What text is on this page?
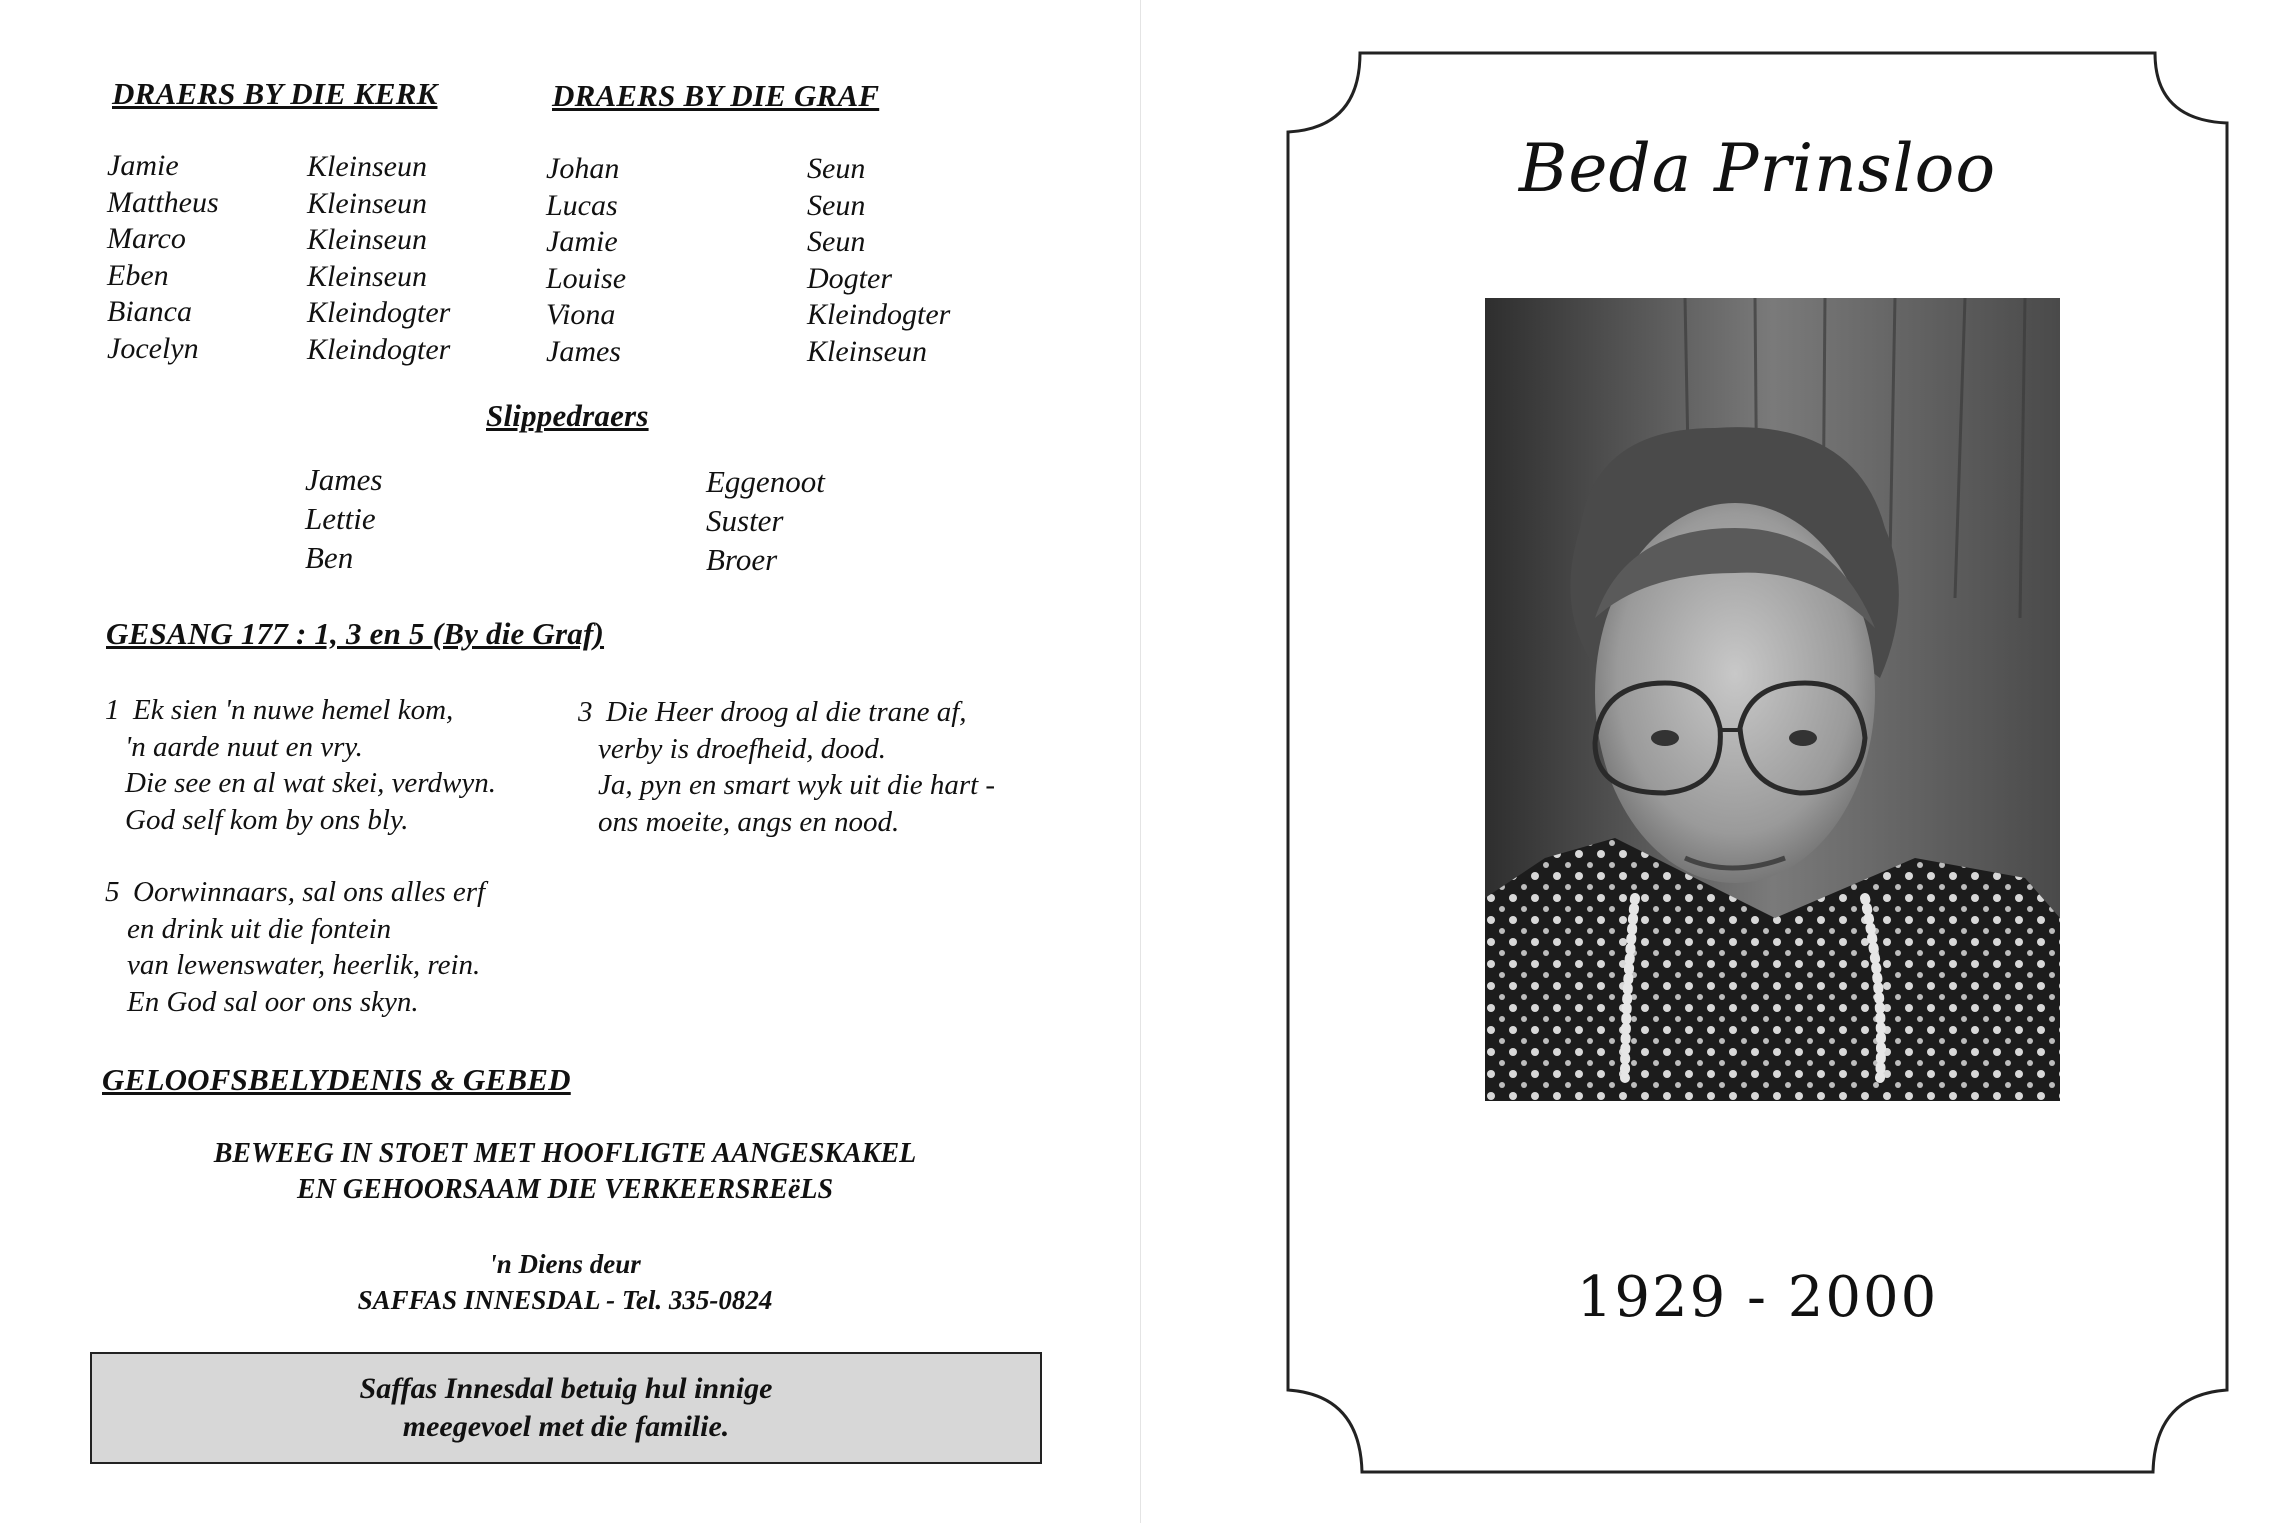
DRAERS BY DIE KERK	DRAERS BY DIE GRAF
Jamie
Mattheus
Marco
Eben
Bianca
Jocelyn
Kleinseun
Kleinseun
Kleinseun
Kleinseun
Kleindogter
Kleindogter
Johan
Lucas
Jamie
Louise
Viona
James
Seun
Seun
Seun
Dogter
Kleindogter
Kleinseun
Slippedraers
James
Lettie
Ben
Eggenoot
Suster
Broer
GESANG 177 : 1, 3 en 5 (By die Graf)
1 Ek sien 'n nuwe hemel kom,
'n aarde nuut en vry.
Die see en al wat skei, verdwyn.
God self kom by ons bly.
3 Die Heer droog al die trane af,
verby is droefheid, dood.
Ja, pyn en smart wyk uit die hart -
ons moeite, angs en nood.
5 Oorwinnaars, sal ons alles erf
en drink uit die fontein
van lewenswater, heerlik, rein.
En God sal oor ons skyn.
GELOOFSBELYDENIS & GEBED
BEWEEG IN STOET MET HOOFLIGTE AANGESKAKEL
EN GEHOORSAAM DIE VERKEERSREëLS
'n Diens deur
SAFFAS INNESDAL - Tel. 335-0824
Saffas Innesdal betuig hul innige
meegevoel met die familie.
Beda Prinsloo
1929 - 2000
